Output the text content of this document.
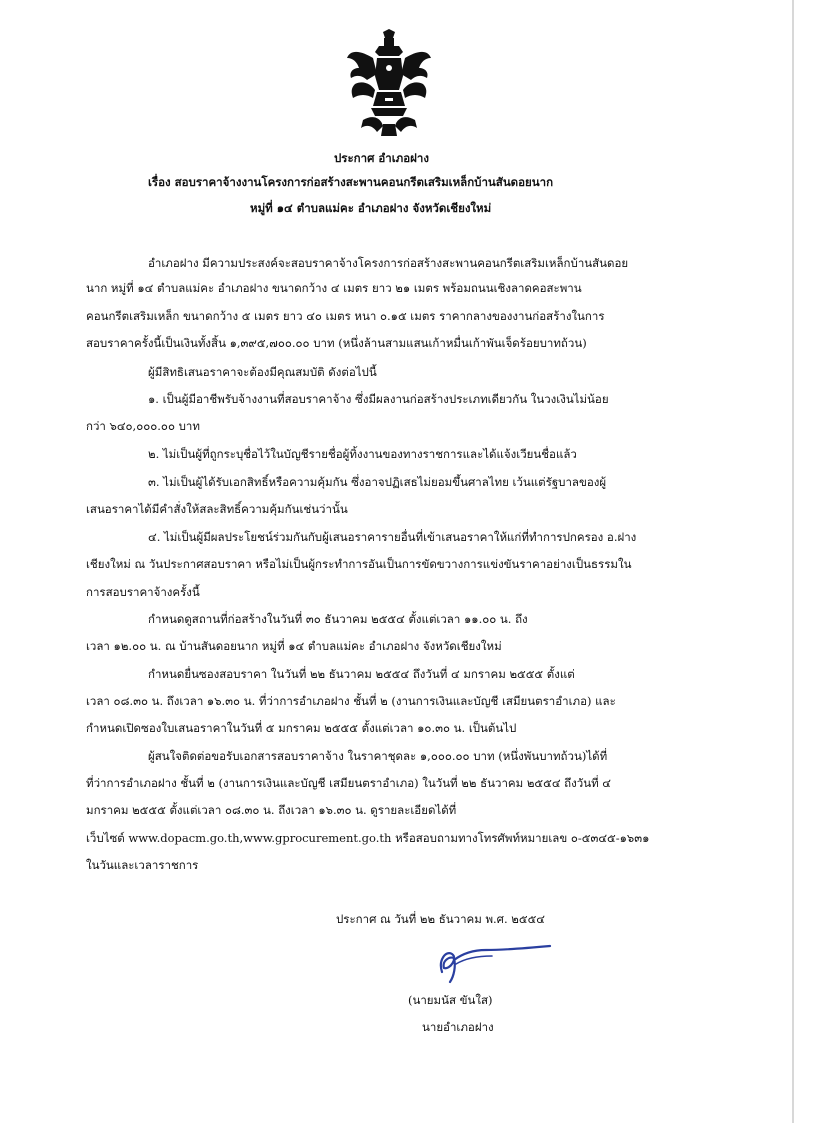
ประกาศ อำเภอฝาง
เรื่อง สอบราคาจ้างงานโครงการก่อสร้างสะพานคอนกรีตเสริมเหล็กบ้านสันดอยนาก
หมู่ที่ ๑๔ ตำบลแม่คะ อำเภอฝาง จังหวัดเชียงใหม่
อำเภอฝาง มีความประสงค์จะสอบราคาจ้างโครงการก่อสร้างสะพานคอนกรีตเสริมเหล็กบ้านสันดอย
นาก หมู่ที่ ๑๔ ตำบลแม่คะ อำเภอฝาง ขนาดกว้าง ๔ เมตร ยาว ๒๑ เมตร พร้อมถนนเชิงลาดคอสะพาน
คอนกรีตเสริมเหล็ก ขนาดกว้าง ๕ เมตร ยาว ๔๐ เมตร หนา ๐.๑๕ เมตร ราคากลางของงานก่อสร้างในการ
สอบราคาครั้งนี้เป็นเงินทั้งสิ้น ๑,๓๙๕,๗๐๐.๐๐ บาท (หนึ่งล้านสามแสนเก้าหมื่นเก้าพันเจ็ดร้อยบาทถ้วน)
ผู้มีสิทธิเสนอราคาจะต้องมีคุณสมบัติ ดังต่อไปนี้
๑. เป็นผู้มีอาชีพรับจ้างงานที่สอบราคาจ้าง ซึ่งมีผลงานก่อสร้างประเภทเดียวกัน ในวงเงินไม่น้อย
กว่า ๖๔๐,๐๐๐.๐๐ บาท
๒. ไม่เป็นผู้ที่ถูกระบุชื่อไว้ในบัญชีรายชื่อผู้ทิ้งงานของทางราชการและได้แจ้งเวียนชื่อแล้ว
๓. ไม่เป็นผู้ได้รับเอกสิทธิ์หรือความคุ้มกัน ซึ่งอาจปฏิเสธไม่ยอมขึ้นศาลไทย เว้นแต่รัฐบาลของผู้
เสนอราคาได้มีคำสั่งให้สละสิทธิ์ความคุ้มกันเช่นว่านั้น
๔. ไม่เป็นผู้มีผลประโยชน์ร่วมกันกับผู้เสนอราคารายอื่นที่เข้าเสนอราคาให้แก่ที่ทำการปกครอง อ.ฝาง
เชียงใหม่ ณ วันประกาศสอบราคา หรือไม่เป็นผู้กระทำการอันเป็นการขัดขวางการแข่งขันราคาอย่างเป็นธรรมใน
การสอบราคาจ้างครั้งนี้
กำหนดดูสถานที่ก่อสร้างในวันที่ ๓๐ ธันวาคม ๒๕๕๔ ตั้งแต่เวลา ๑๑.๐๐ น. ถึง
เวลา ๑๒.๐๐ น. ณ บ้านสันดอยนาก หมู่ที่ ๑๔ ตำบลแม่คะ อำเภอฝาง จังหวัดเชียงใหม่
กำหนดยื่นซองสอบราคา ในวันที่ ๒๒ ธันวาคม ๒๕๕๔ ถึงวันที่ ๔ มกราคม ๒๕๕๕ ตั้งแต่
เวลา ๐๘.๓๐ น. ถึงเวลา ๑๖.๓๐ น. ที่ว่าการอำเภอฝาง ชั้นที่ ๒ (งานการเงินและบัญชี เสมียนตราอำเภอ) และ
กำหนดเปิดซองใบเสนอราคาในวันที่ ๕ มกราคม ๒๕๕๕ ตั้งแต่เวลา ๑๐.๓๐ น. เป็นต้นไป
ผู้สนใจติดต่อขอรับเอกสารสอบราคาจ้าง ในราคาชุดละ ๑,๐๐๐.๐๐ บาท (หนึ่งพันบาทถ้วน)ได้ที่
ที่ว่าการอำเภอฝาง ชั้นที่ ๒ (งานการเงินและบัญชี เสมียนตราอำเภอ) ในวันที่ ๒๒ ธันวาคม ๒๕๕๔ ถึงวันที่ ๔
มกราคม ๒๕๕๕ ตั้งแต่เวลา ๐๘.๓๐ น. ถึงเวลา ๑๖.๓๐ น. ดูรายละเอียดได้ที่
เว็บไซต์ www.dopacm.go.th,www.gprocurement.go.th หรือสอบถามทางโทรศัพท์หมายเลข ๐-๕๓๔๕-๑๖๓๑
ในวันและเวลาราชการ
ประกาศ ณ วันที่ ๒๒ ธันวาคม พ.ศ. ๒๕๕๔
(นายมนัส ขันใส)
นายอำเภอฝาง
